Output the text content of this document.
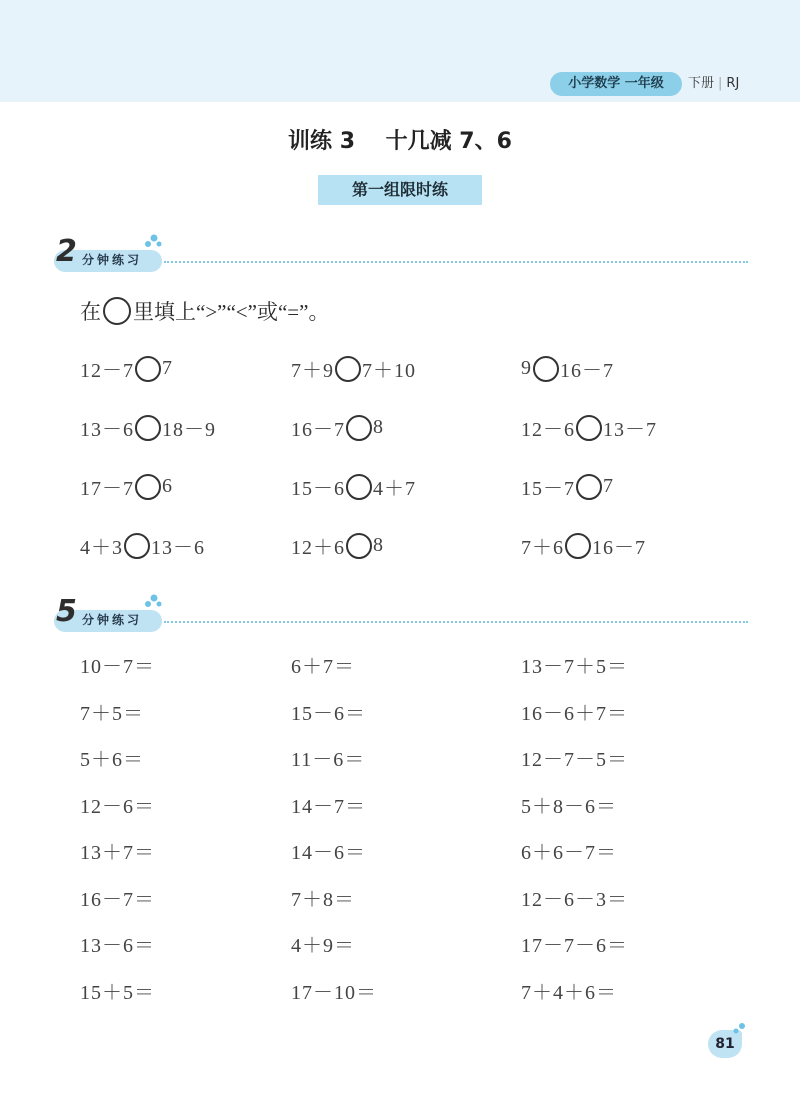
小学数学 一年级	下册 | RJ
训练 3    十几减 7、6
第一组限时练
2 分钟练习
在 里填上“>”“<”或“=”。
12－7 7	7＋9 7＋10	9 16－7
13－6 18－9	16－7 8	12－6 13－7
17－7 6	15－6 4＋7	15－7 7
4＋3 13－6	12＋6 8	7＋6 16－7
5 分钟练习
10－7＝	6＋7＝	13－7＋5＝
7＋5＝	15－6＝	16－6＋7＝
5＋6＝	11－6＝	12－7－5＝
12－6＝	14－7＝	5＋8－6＝
13＋7＝	14－6＝	6＋6－7＝
16－7＝	7＋8＝	12－6－3＝
13－6＝	4＋9＝	17－7－6＝
15＋5＝	17－10＝	7＋4＋6＝
81
